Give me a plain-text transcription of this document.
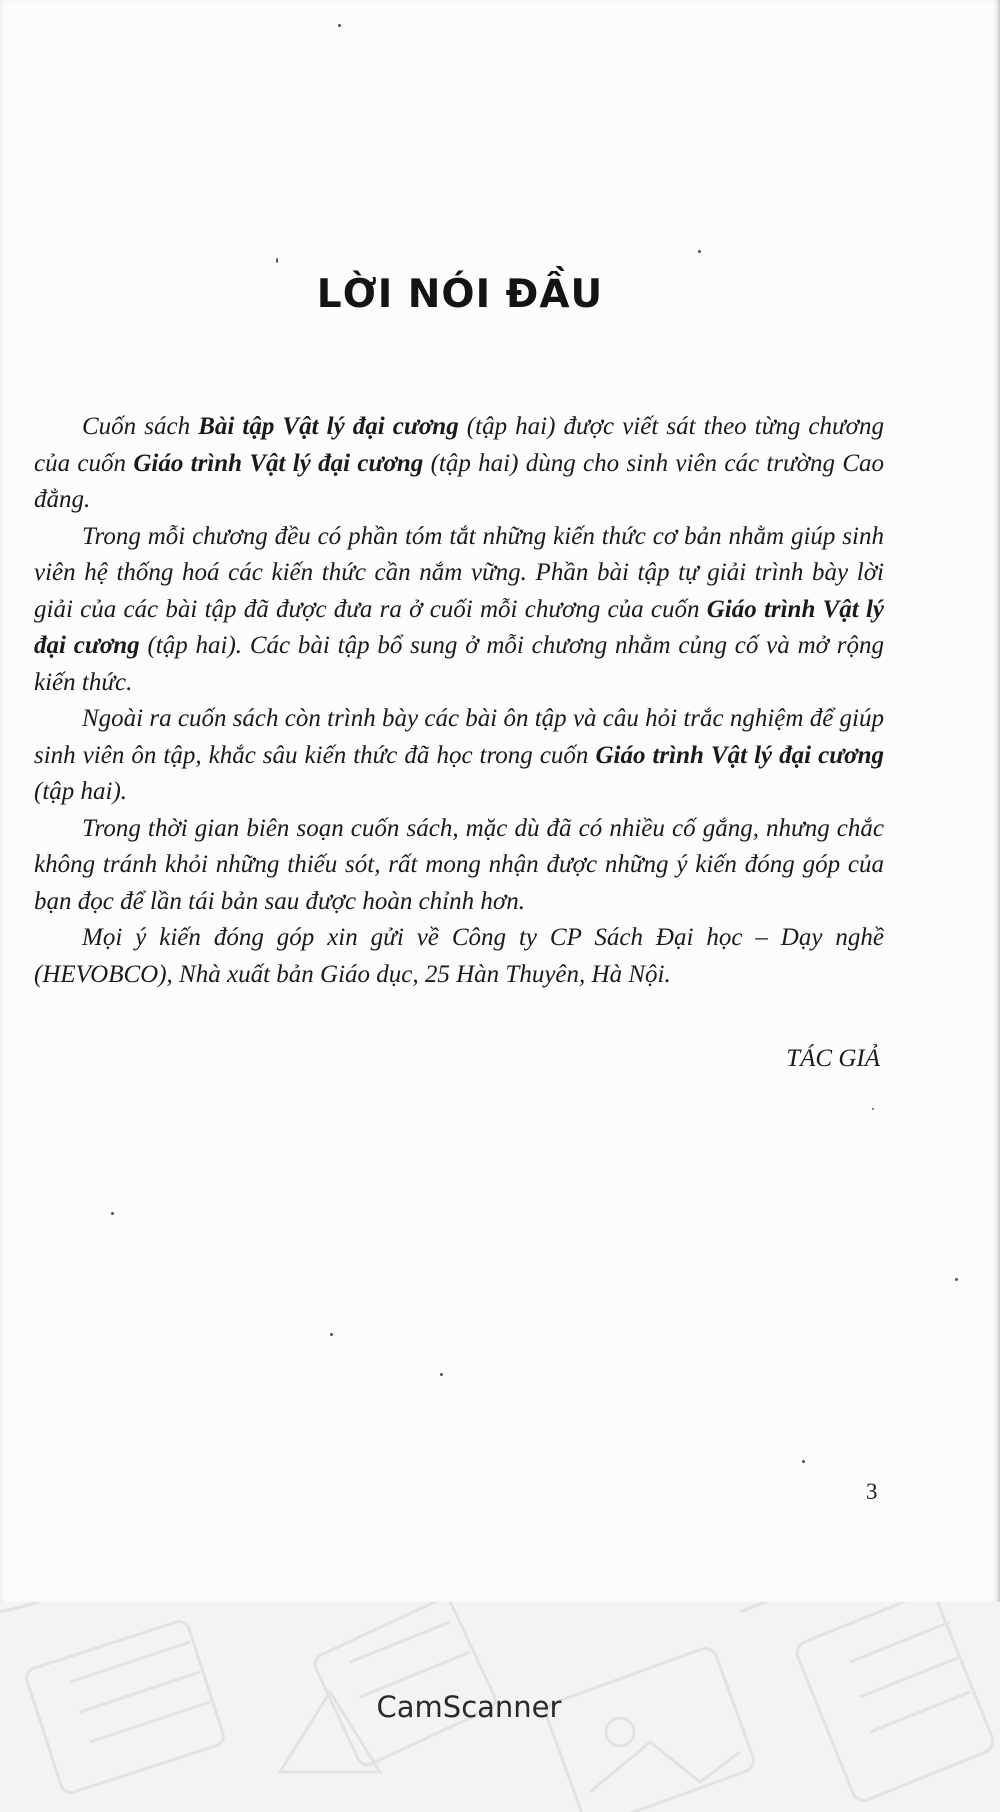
LỜI NÓI ĐẦU

Cuốn sách Bài tập Vật lý đại cương (tập hai) được viết sát theo từng chương của cuốn Giáo trình Vật lý đại cương (tập hai) dùng cho sinh viên các trường Cao đẳng.

Trong mỗi chương đều có phần tóm tắt những kiến thức cơ bản nhằm giúp sinh viên hệ thống hoá các kiến thức cần nắm vững. Phần bài tập tự giải trình bày lời giải của các bài tập đã được đưa ra ở cuối mỗi chương của cuốn Giáo trình Vật lý đại cương (tập hai). Các bài tập bổ sung ở mỗi chương nhằm củng cố và mở rộng kiến thức.

Ngoài ra cuốn sách còn trình bày các bài ôn tập và câu hỏi trắc nghiệm để giúp sinh viên ôn tập, khắc sâu kiến thức đã học trong cuốn Giáo trình Vật lý đại cương (tập hai).

Trong thời gian biên soạn cuốn sách, mặc dù đã có nhiều cố gắng, nhưng chắc không tránh khỏi những thiếu sót, rất mong nhận được những ý kiến đóng góp của bạn đọc để lần tái bản sau được hoàn chỉnh hơn.

Mọi ý kiến đóng góp xin gửi về Công ty CP Sách Đại học – Dạy nghề (HEVOBCO), Nhà xuất bản Giáo dục, 25 Hàn Thuyên, Hà Nội.

TÁC GIẢ
3
CamScanner
